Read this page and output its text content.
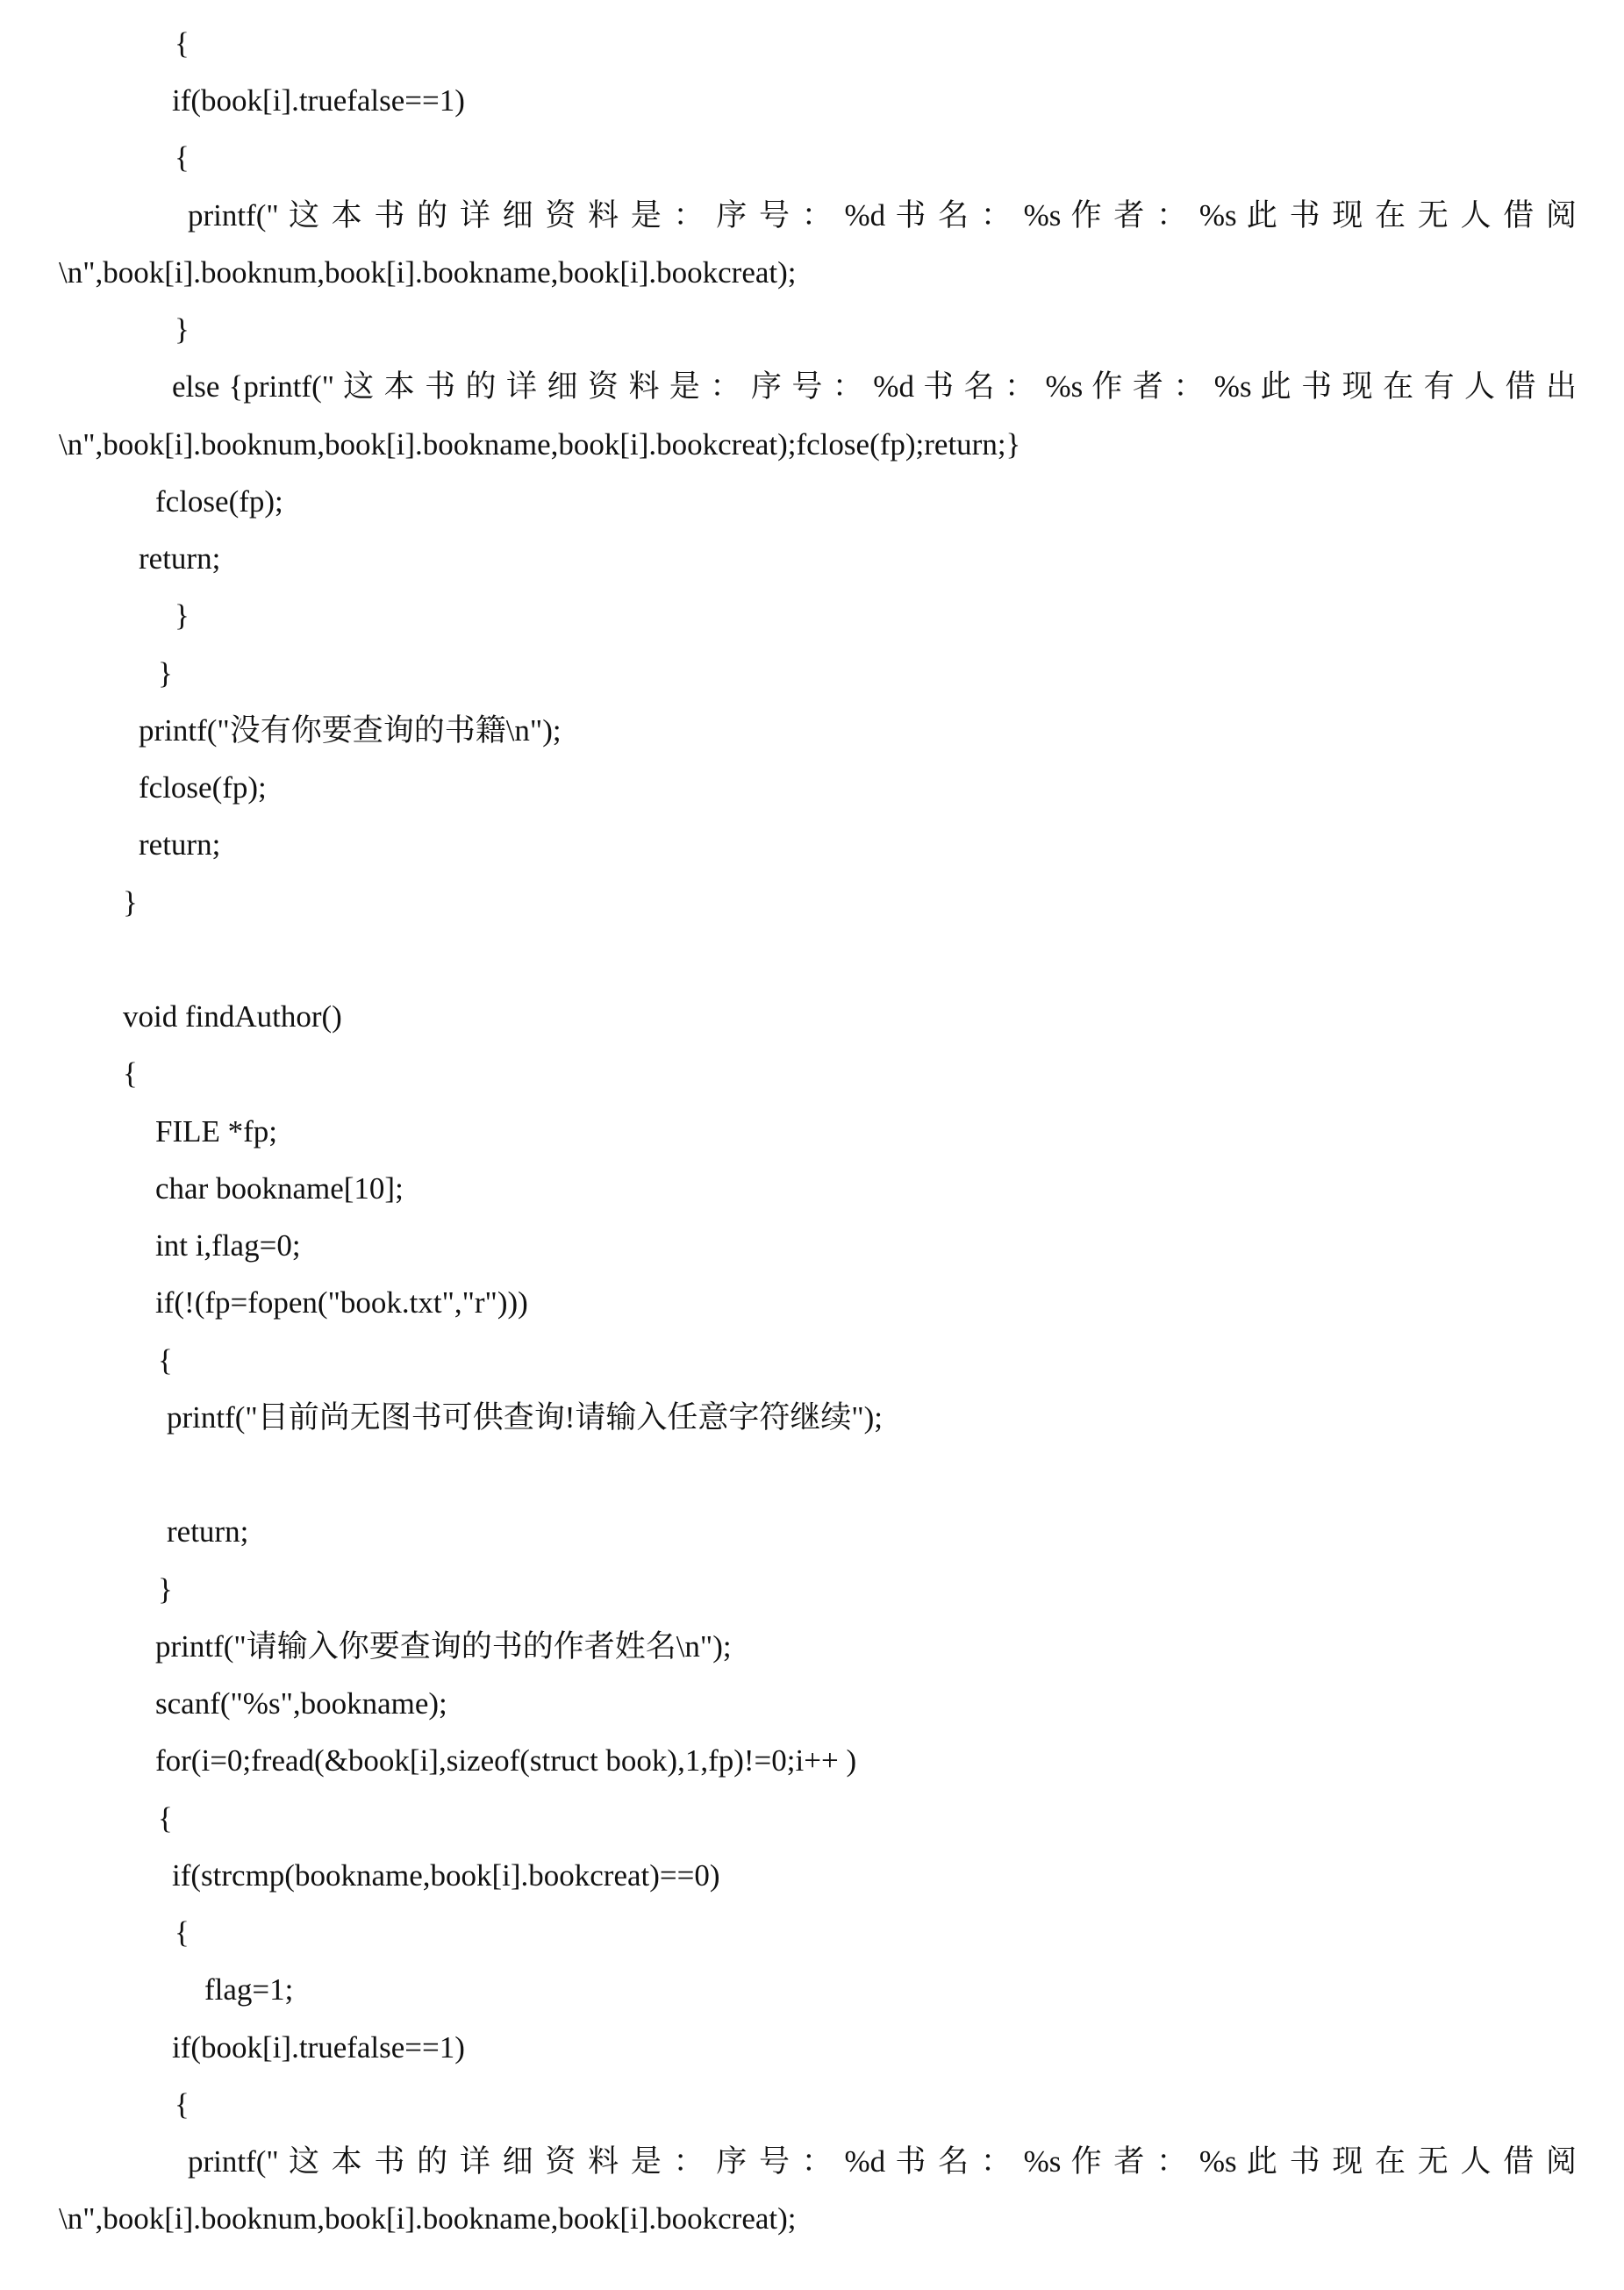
{
if(book[i].truefalse==1)
{
printf(" 这 本 书 的 详 细 资 料 是 ： 序 号 ： %d 书 名 ： %s 作 者 ： %s 此 书 现 在 无 人 借 阅
\n",book[i].booknum,book[i].bookname,book[i].bookcreat);
}
else {printf(" 这 本 书 的 详 细 资 料 是 ： 序 号 ： %d 书 名 ： %s 作 者 ： %s 此 书 现 在 有 人 借 出
\n",book[i].booknum,book[i].bookname,book[i].bookcreat);fclose(fp);return;}
fclose(fp);
return;
}
}
printf("没有你要查询的书籍\n");
fclose(fp);
return;
}
void findAuthor()
{
FILE *fp;
char bookname[10];
int i,flag=0;
if(!(fp=fopen("book.txt","r")))
{
printf("目前尚无图书可供查询!请输入任意字符继续");
return;
}
printf("请输入你要查询的书的作者姓名\n");
scanf("%s",bookname);
for(i=0;fread(&book[i],sizeof(struct book),1,fp)!=0;i++ )
{
if(strcmp(bookname,book[i].bookcreat)==0)
{
flag=1;
if(book[i].truefalse==1)
{
printf(" 这 本 书 的 详 细 资 料 是 ： 序 号 ： %d 书 名 ： %s 作 者 ： %s 此 书 现 在 无 人 借 阅
\n",book[i].booknum,book[i].bookname,book[i].bookcreat);
